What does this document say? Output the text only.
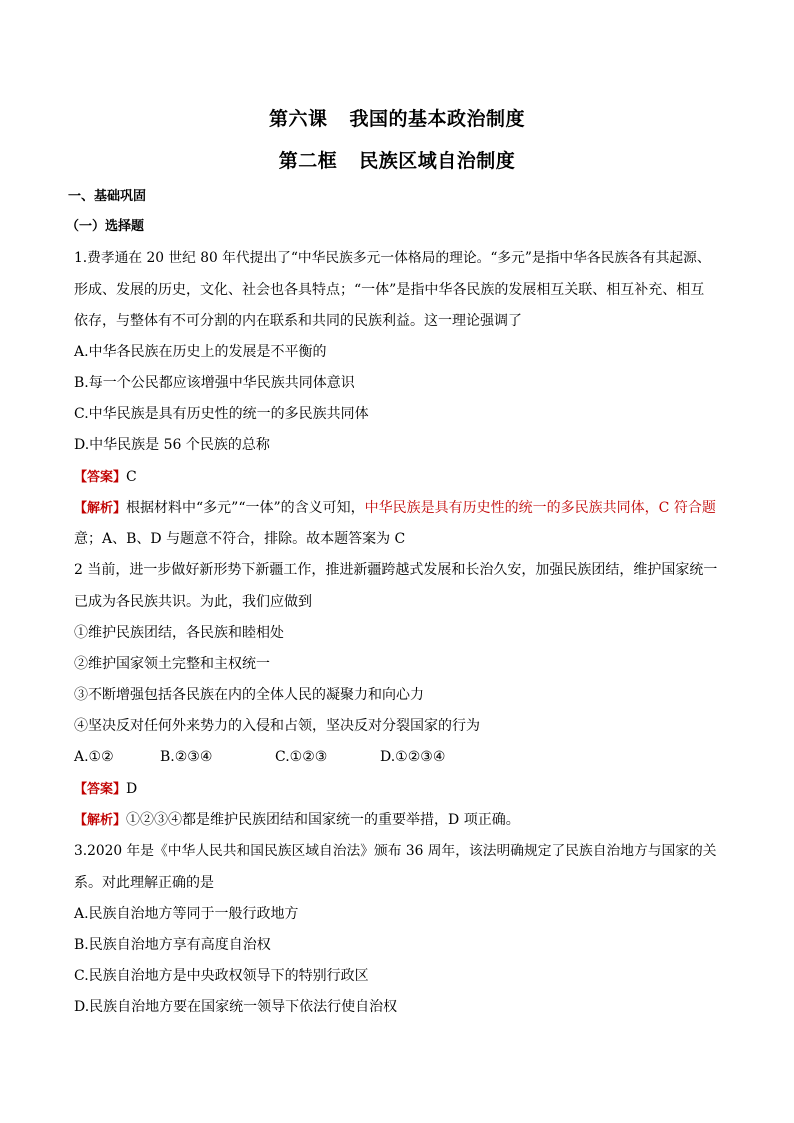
第六课 我国的基本政治制度
第二框 民族区域自治制度
一、基础巩固
（一）选择题
1.费孝通在 20 世纪 80 年代提出了“中华民族多元一体格局的理论。“多元”是指中华各民族各有其起源、
形成、发展的历史，文化、社会也各具特点；“一体”是指中华各民族的发展相互关联、相互补充、相互
依存，与整体有不可分割的内在联系和共同的民族利益。这一理论强调了
A.中华各民族在历史上的发展是不平衡的
B.每一个公民都应该增强中华民族共同体意识
C.中华民族是具有历史性的统一的多民族共同体
D.中华民族是 56 个民族的总称
【答案】C
【解析】根据材料中“多元”“一体”的含义可知，中华民族是具有历史性的统一的多民族共同体，C 符合题
意；A、B、D 与题意不符合，排除。故本题答案为 C
2 当前，进一步做好新形势下新疆工作，推进新疆跨越式发展和长治久安，加强民族团结，维护国家统一
已成为各民族共识。为此，我们应做到
①维护民族团结，各民族和睦相处
②维护国家领土完整和主权统一
③不断增强包括各民族在内的全体人民的凝聚力和向心力
④坚决反对任何外来势力的入侵和占领，坚决反对分裂国家的行为
A.①②	B.②③④	C.①②③	D.①②③④
【答案】D
【解析】①②③④都是维护民族团结和国家统一的重要举措，D 项正确。
3.2020 年是《中华人民共和国民族区域自治法》颁布 36 周年，该法明确规定了民族自治地方与国家的关
系。对此理解正确的是
A.民族自治地方等同于一般行政地方
B.民族自治地方享有高度自治权
C.民族自治地方是中央政权领导下的特别行政区
D.民族自治地方要在国家统一领导下依法行使自治权
